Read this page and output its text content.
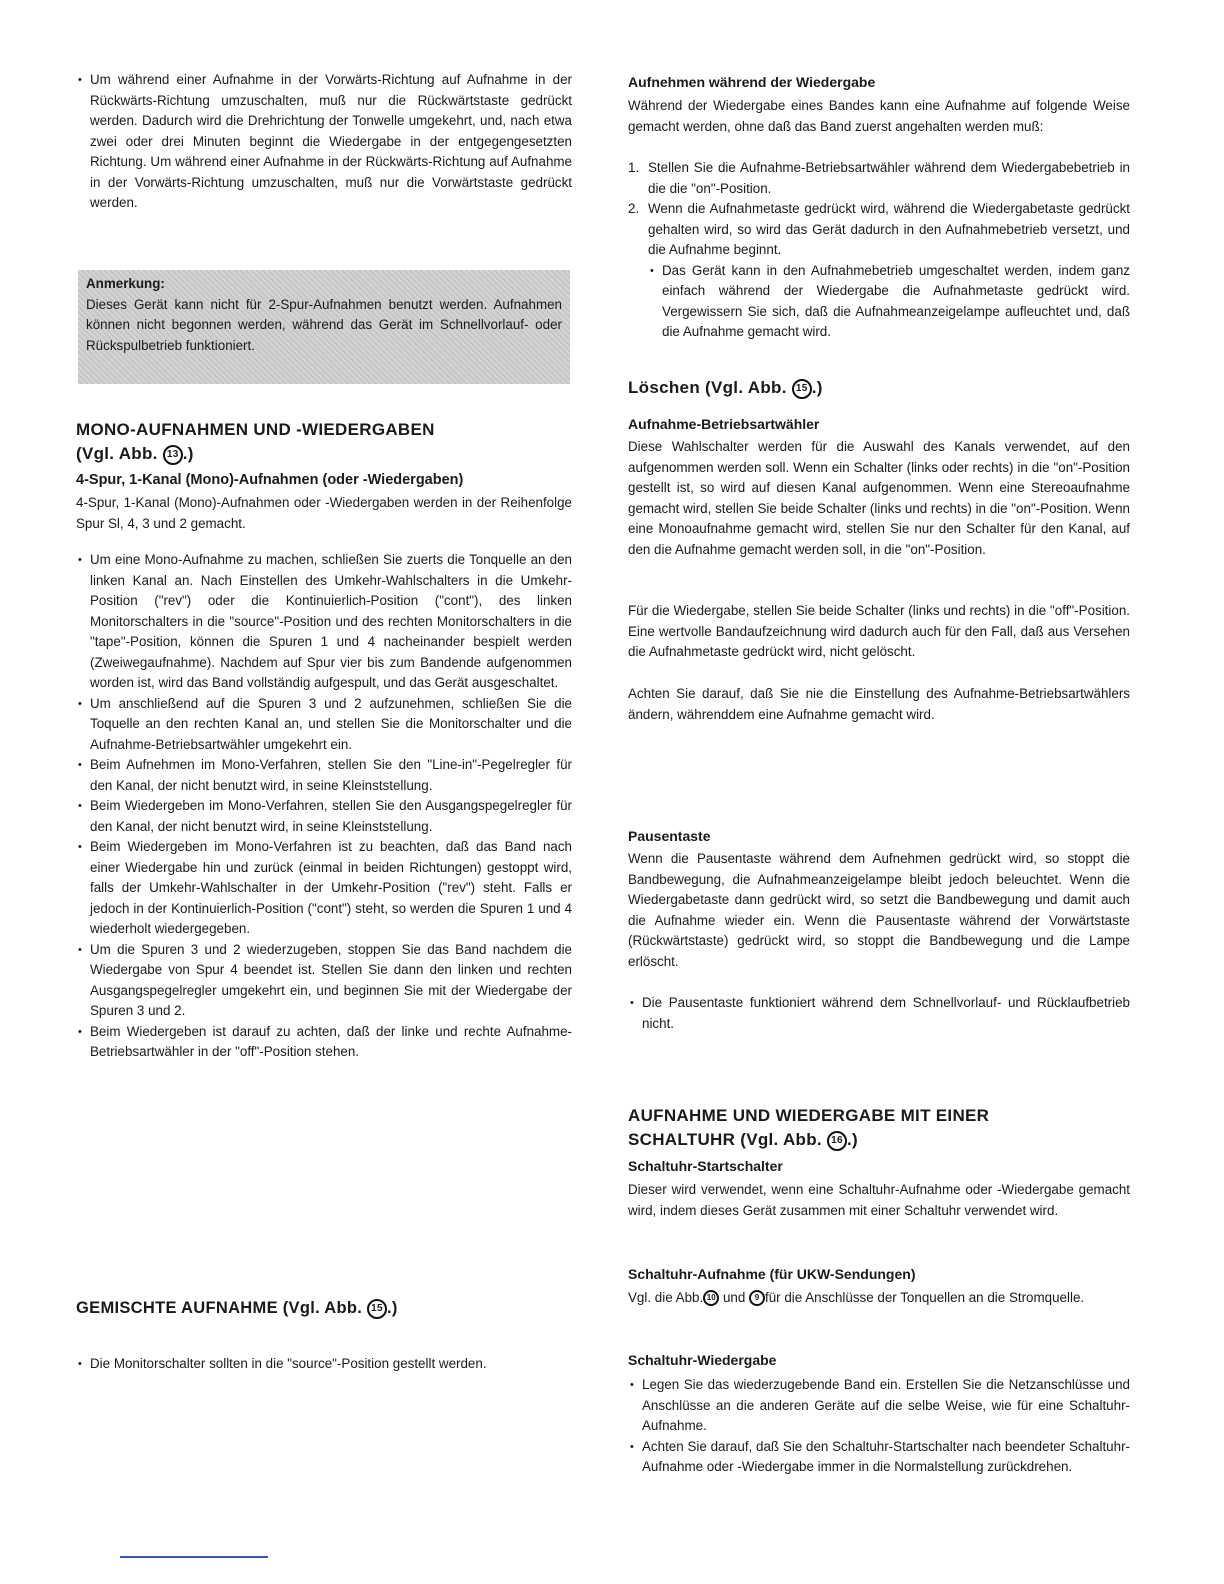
• Um während einer Aufnahme in der Vorwärts-Richtung auf Aufnahme in der Rückwärts-Richtung umzuschalten, muß nur die Rückwärtstaste gedrückt werden. Dadurch wird die Drehrichtung der Tonwelle umgekehrt, und, nach etwa zwei oder drei Minuten beginnt die Wiedergabe in der entgegengesetzten Richtung. Um während einer Aufnahme in der Rückwärts-Richtung auf Aufnahme in der Vorwärts-Richtung umzuschalten, muß nur die Vorwärtstaste gedrückt werden.

Anmerkung:

Dieses Gerät kann nicht für 2-Spur-Aufnahmen benutzt werden. Aufnahmen können nicht begonnen werden, während das Gerät im Schnellvorlauf- oder Rückspulbetrieb funktioniert.

MONO-AUFNAHMEN UND -WIEDERGABEN
(Vgl. Abb. 13 .)
4-Spur, 1-Kanal (Mono)-Aufnahmen (oder -Wiedergaben)

4-Spur, 1-Kanal (Mono)-Aufnahmen oder -Wiedergaben werden in der Reihenfolge Spur Sl, 4, 3 und 2 gemacht.

• Um eine Mono-Aufnahme zu machen, schließen Sie zuerts die Tonquelle an den linken Kanal an. Nach Einstellen des Umkehr-Wahlschalters in die Umkehr-Position ("rev") oder die Kontinuierlich-Position ("cont"), des linken Monitorschalters in die "source"-Position und des rechten Monitorschalters in die "tape"-Position, können die Spuren 1 und 4 nacheinander bespielt werden (Zweiwegaufnahme). Nachdem auf Spur vier bis zum Bandende aufgenommen worden ist, wird das Band vollständig aufgespult, und das Gerät ausgeschaltet.
• Um anschließend auf die Spuren 3 und 2 aufzunehmen, schließen Sie die Toquelle an den rechten Kanal an, und stellen Sie die Monitorschalter und die Aufnahme-Betriebsartwähler umgekehrt ein.
• Beim Aufnehmen im Mono-Verfahren, stellen Sie den "Line-in"-Pegelregler für den Kanal, der nicht benutzt wird, in seine Kleinststellung.
• Beim Wiedergeben im Mono-Verfahren, stellen Sie den Ausgangspegelregler für den Kanal, der nicht benutzt wird, in seine Kleinststellung.
• Beim Wiedergeben im Mono-Verfahren ist zu beachten, daß das Band nach einer Wiedergabe hin und zurück (einmal in beiden Richtungen) gestoppt wird, falls der Umkehr-Wahlschalter in der Umkehr-Position ("rev") steht. Falls er jedoch in der Kontinuierlich-Position ("cont") steht, so werden die Spuren 1 und 4 wiederholt wiedergegeben.
• Um die Spuren 3 und 2 wiederzugeben, stoppen Sie das Band nachdem die Wiedergabe von Spur 4 beendet ist. Stellen Sie dann den linken und rechten Ausgangspegelregler umgekehrt ein, und beginnen Sie mit der Wiedergabe der Spuren 3 und 2.
• Beim Wiedergeben ist darauf zu achten, daß der linke und rechte Aufnahme-Betriebsartwähler in der "off"-Position stehen.
GEMISCHTE AUFNAHME (Vgl. Abb. 15 .)
• Die Monitorschalter sollten in die "source"-Position gestellt werden.
Aufnehmen während der Wiedergabe

Während der Wiedergabe eines Bandes kann eine Aufnahme auf folgende Weise gemacht werden, ohne daß das Band zuerst angehalten werden muß:

1. Stellen Sie die Aufnahme-Betriebsartwähler während dem Wiedergabebetrieb in die die "on"-Position.
2. Wenn die Aufnahmetaste gedrückt wird, während die Wiedergabetaste gedrückt gehalten wird, so wird das Gerät dadurch in den Aufnahmebetrieb versetzt, und die Aufnahme beginnt.
• Das Gerät kann in den Aufnahmebetrieb umgeschaltet werden, indem ganz einfach während der Wiedergabe die Aufnahmetaste gedrückt wird. Vergewissern Sie sich, daß die Aufnahmeanzeigelampe aufleuchtet und, daß die Aufnahme gemacht wird.
Löschen (Vgl. Abb. 15 .)
Aufnahme-Betriebsartwähler

Diese Wahlschalter werden für die Auswahl des Kanals verwendet, auf den aufgenommen werden soll. Wenn ein Schalter (links oder rechts) in die "on"-Position gestellt ist, so wird auf diesen Kanal aufgenommen. Wenn eine Stereoaufnahme gemacht wird, stellen Sie beide Schalter (links und rechts) in die "on"-Position. Wenn eine Monoaufnahme gemacht wird, stellen Sie nur den Schalter für den Kanal, auf den die Aufnahme gemacht werden soll, in die "on"-Position.

Für die Wiedergabe, stellen Sie beide Schalter (links und rechts) in die "off"-Position. Eine wertvolle Bandaufzeichnung wird dadurch auch für den Fall, daß aus Versehen die Aufnahmetaste gedrückt wird, nicht gelöscht.

Achten Sie darauf, daß Sie nie die Einstellung des Aufnahme-Betriebsartwählers ändern, währenddem eine Aufnahme gemacht wird.

Pausentaste

Wenn die Pausentaste während dem Aufnehmen gedrückt wird, so stoppt die Bandbewegung, die Aufnahmeanzeigelampe bleibt jedoch beleuchtet. Wenn die Wiedergabetaste dann gedrückt wird, so setzt die Bandbewegung und damit auch die Aufnahme wieder ein. Wenn die Pausentaste während der Vorwärtstaste (Rückwärtstaste) gedrückt wird, so stoppt die Bandbewegung und die Lampe erlöscht.

• Die Pausentaste funktioniert während dem Schnellvorlauf- und Rücklaufbetrieb nicht.
AUFNAHME UND WIEDERGABE MIT EINER
SCHALTUHR (Vgl. Abb. 16 .)
Schaltuhr-Startschalter

Dieser wird verwendet, wenn eine Schaltuhr-Aufnahme oder -Wiedergabe gemacht wird, indem dieses Gerät zusammen mit einer Schaltuhr verwendet wird.

Schaltuhr-Aufnahme (für UKW-Sendungen)

Vgl. die Abb. 10 und 9 für die Anschlüsse der Tonquellen an die Stromquelle.

Schaltuhr-Wiedergabe
• Legen Sie das wiederzugebende Band ein. Erstellen Sie die Netzanschlüsse und Anschlüsse an die anderen Geräte auf die selbe Weise, wie für eine Schaltuhr-Aufnahme.
• Achten Sie darauf, daß Sie den Schaltuhr-Startschalter nach beendeter Schaltuhr-Aufnahme oder -Wiedergabe immer in die Normalstellung zurückdrehen.
